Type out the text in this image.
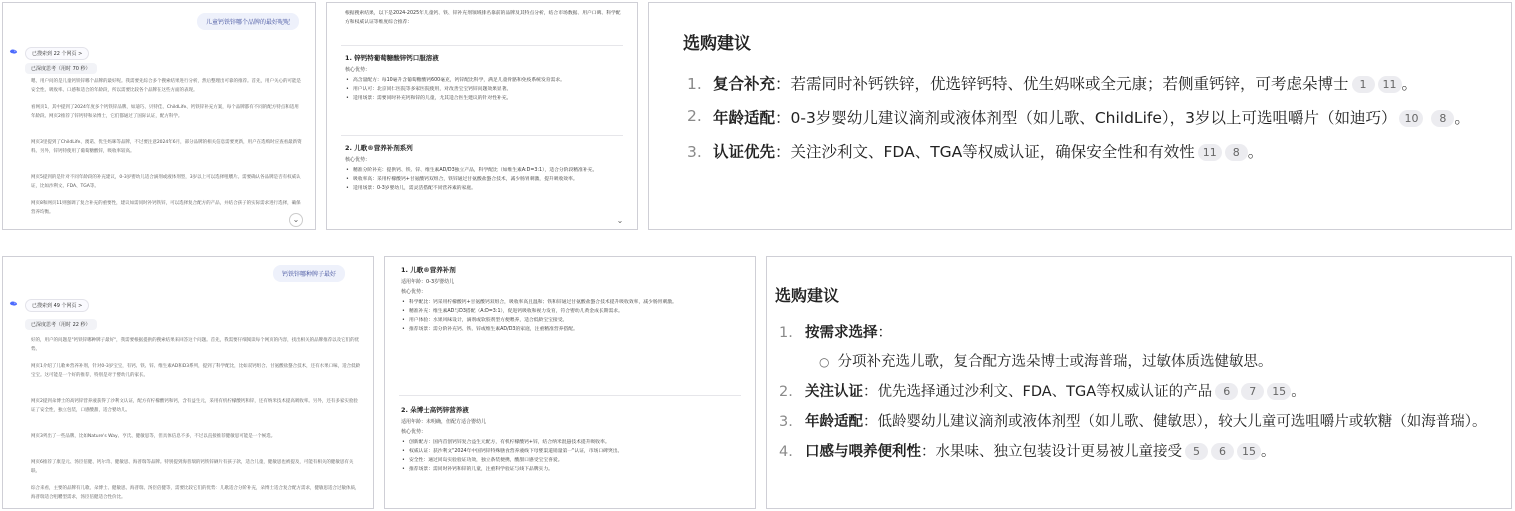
儿童钙铁锌哪个品牌的最好呢呢
已搜索到 22 个网页 >
已深度思考（用时 70 秒）
嗯，用户问的是儿童钙铁锌哪个品牌的最好呢。我需要先综合多个搜索结果进行分析，然后整理出可靠的推荐。首先，用户关心的可能是安全性、吸收率、口感和适合的年龄段，所以需要比较各个品牌在这些方面的表现。
看网页1，其中提到了2024年度多个钙铁锌品牌，如迪巧、贝特佳、ChildLife、钙铁锌补充方案，每个品牌都有不同的配方特点和适用年龄段。网页2推荐了锌钙特和朵博士，它们都通过了国际认证，配方科学。
网页3里提到了ChildLife、澳诺、优生妈咪等品牌，不过要注意2024年6月，部分品牌的相关信息需要更新，用户在选购时应查看最新资料。另外，锌钙特使用了葡萄糖酸锌，吸收率较高。
网页5提到的是针对不同年龄段的补充建议，0-3岁婴幼儿适合滴剂或液体剂型，3岁以上可以选择咀嚼片。需要确认各品牌是否有权威认证，比如沙利文、FDA、TGA等。
网页8和网页11则强调了复合补充的重要性，建议如需同时补钙铁锌，可以选择复合配方的产品，并结合孩子的实际需求进行选择，确保营养均衡。
⌄
根据搜索结果，以下是2024-2025年儿童钙、铁、锌补充剂领域排名靠前的品牌及其特点分析，结合市场数据、用户口碑、科学配方和权威认证等维度综合推荐：
1. 锌钙特葡萄糖酸锌钙口服溶液
核心优势：
• 高含量配方：每10毫升含葡萄糖酸钙600毫克，钙锌配比科学，满足儿童骨骼和免疫系统发育需求。
• 用户认可：北京同仁医院等多家医院使用，对改善宝宝钙锌问题效果显著。
• 适用场景：需要同时补充钙和锌的儿童，尤其适合医生建议的针对性补充。
2. 儿歌®营养补剂系列
核心优势：
• 精准分阶补充：提供钙、铁、锌、维生素AD/D3独立产品，科学配比（如维生素A:D=3:1），适合分阶段精准补充。
• 吸收率高：采用柠檬酸钙+甘氨酸钙双组合，铁锌通过甘氨酸盐螯合技术，减少肠胃刺激，提升吸收效率。
• 适用场景：0-3岁婴幼儿，需灵活搭配不同营养素的家庭。
⌄
选购建议
1. 复合补充：若需同时补钙铁锌，优选锌钙特、优生妈咪或全元康；若侧重钙锌，可考虑朵博士 1 11 。
2. 年龄适配：0-3岁婴幼儿建议滴剂或液体剂型（如儿歌、ChildLife），3岁以上可选咀嚼片（如迪巧） 10 8 。
3. 认证优先：关注沙利文、FDA、TGA等权威认证，确保安全性和有效性 11 8 。
钙铁锌哪种牌子最好
已搜索到 49 个网页 >
已深度思考（用时 22 秒）
好的，用户的问题是"钙铁锌哪种牌子最好"，我需要根据提供的搜索结果来回答这个问题。首先，我需要仔细阅读每个网页的内容，找出相关的品牌推荐以及它们的优势。
网页1介绍了儿歌®营养补剂，针对0-3岁宝宝，有钙、铁、锌、维生素AD和D3系列，提到了科学配比，比如双钙组合、甘氨酸盐螯合技术，还有水果口味，适合低龄宝宝。这可能是一个好的推荐，特别是对于婴幼儿的家长。
网页2提到朵博士的高钙锌营养液获得了沙利文认证，配方有柠檬酸钙和钙，含有益生元，采用有机柠檬酸钙和锌，还有纳米技术提高吸收率。另外，还有多家实验验证了安全性，独立包装，口感酸甜，适合婴幼儿。
网页3列出了一些品牌，比如Nature's Way、亨氏、健敏思等，但具体信息不多，不过以直接推荐健敏思可能是一个候选。
网页6推荐了康是元、汤臣倍健、钙尔奇、健敏思、海普瑞等品牌。特别提到海普瑞的钙铁锌硒片有孩子款，适合儿童，健敏思也被提及，可能有相关的健敏思有关联。
综合来看，主要的品牌有儿歌、朵博士、健敏思、海普瑞、汤臣倍健等，需要比较它们的优势：儿歌适合分阶补充，朵博士适合复合配方需求，健敏思适合过敏体质，海普瑞适合咀嚼型需求，汤臣倍健适合性价比。
1. 儿歌®营养补剂
适用年龄：0-3岁婴幼儿
核心优势：
• 科学配比：钙采用柠檬酸钙+甘氨酸钙双组合，吸收率高且温和；铁和锌通过甘氨酸盐螯合技术提升吸收效率，减少肠胃刺激。
• 精准补充：维生素AD与D3搭配（A:D=3:1），促进钙吸收和视力发育，符合婴幼儿黄金成长期需求。
• 用户体验：水果风味设计，滴剂或软胶剂型方便喂养，适合低龄宝宝接受。
• 推荐场景：需分阶补充钙、铁、锌或维生素AD/D3的家庭，注重精准营养搭配。
2. 朵博士高钙锌营养液
适用年龄：未明确，但配方适合婴幼儿
核心优势：
• 创新配方：国内首创钙锌复合益生元配方，有机柠檬酸钙+锌，结合纳米混悬技术提升吸收率。
• 权威认证：获沙利文"2024年中国钙锌特殊膳食营养液线下母婴渠道销量第一"认证，市场口碑突出。
• 安全性：通过同岛实验验证功效，独立条装便携，酸甜口感受宝宝喜爱。
• 推荐场景：需同时补钙和锌的儿童，注重科学验证与线下品牌实力。
选购建议
1. 按需求选择：
○ 分项补充选儿歌，复合配方选朵博士或海普瑞，过敏体质选健敏思。
2. 关注认证：优先选择通过沙利文、FDA、TGA等权威认证的产品 6 7 15 。
3. 年龄适配：低龄婴幼儿建议滴剂或液体剂型（如儿歌、健敏思），较大儿童可选咀嚼片或软糖（如海普瑞）。
4. 口感与喂养便利性：水果味、独立包装设计更易被儿童接受 5 6 15 。
